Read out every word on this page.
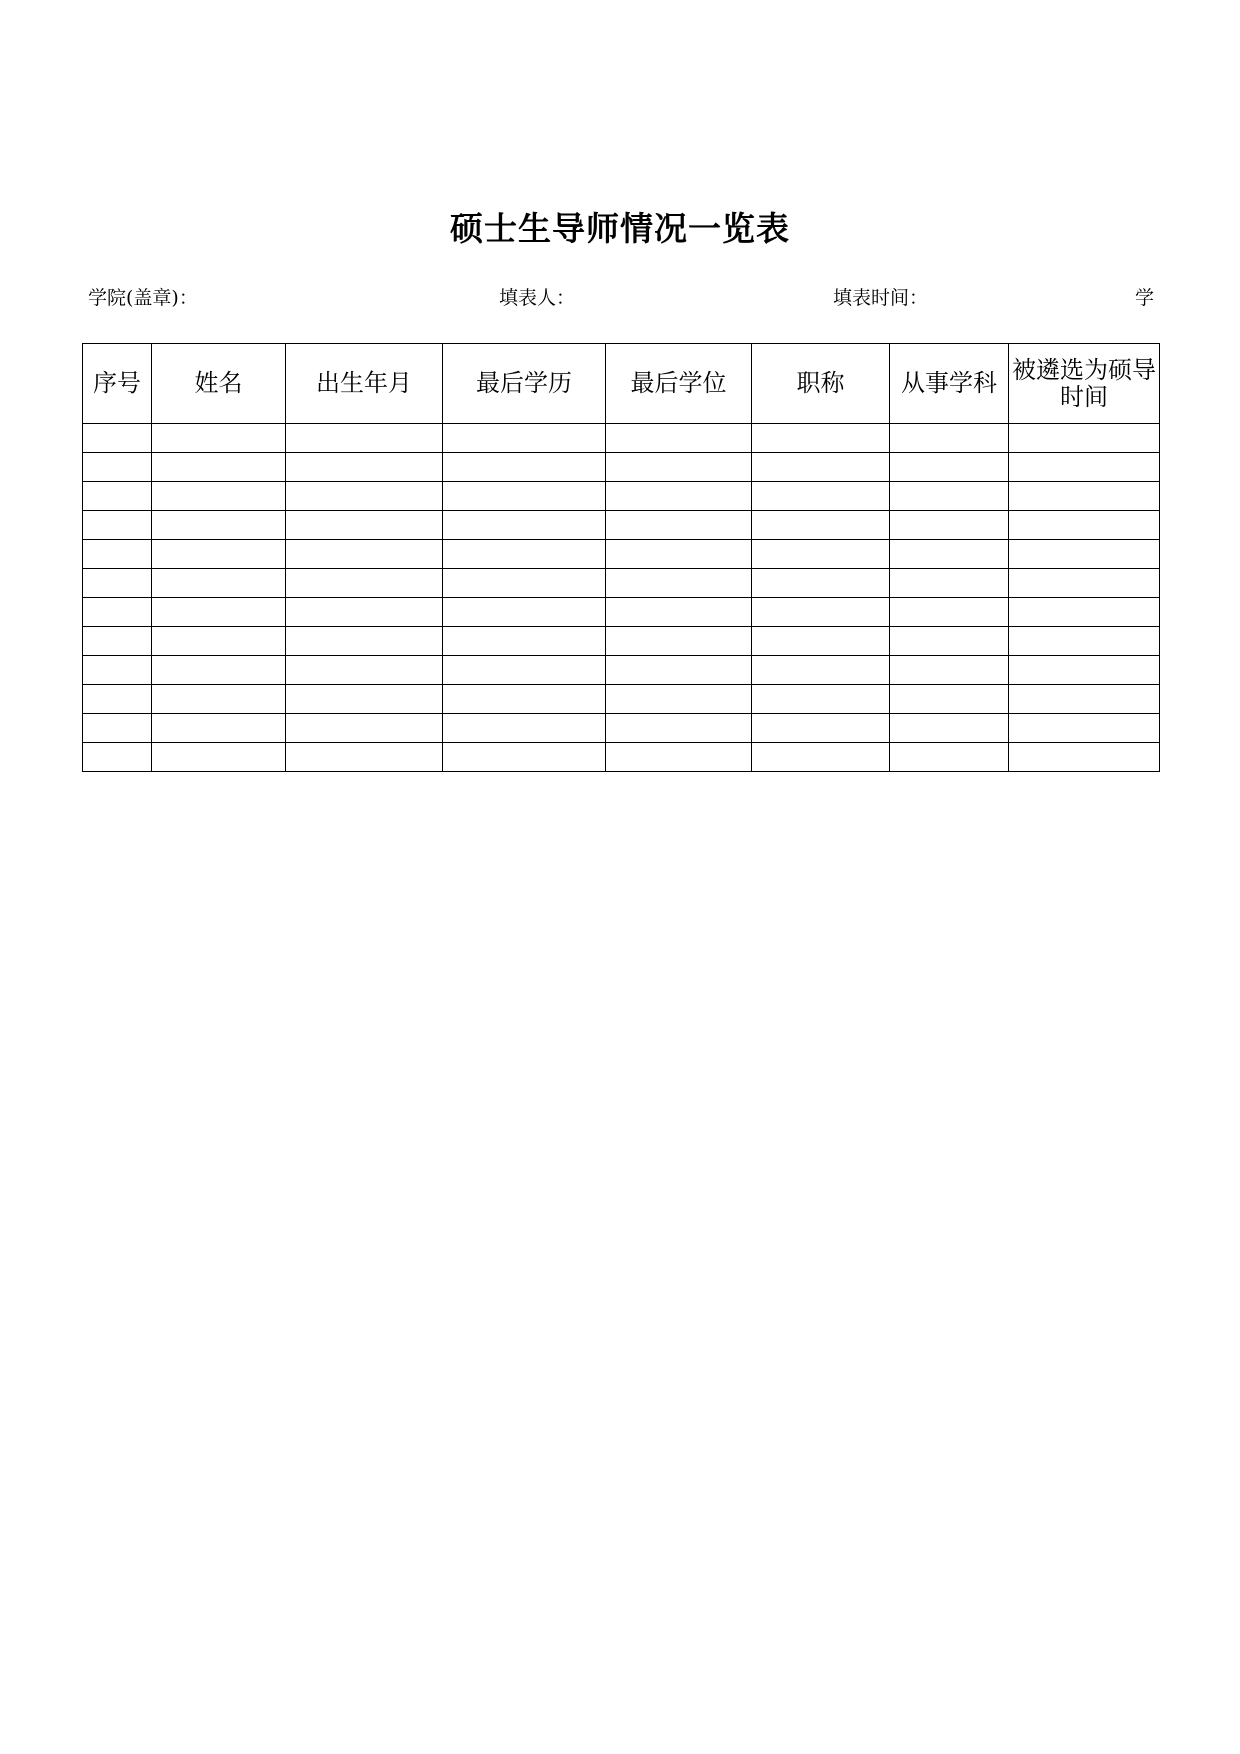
硕士生导师情况一览表
学院(盖章)：	填表人：	填表时间：	学
序号	姓名	出生年月	最后学历	最后学位	职称	从事学科	被遴选为硕导时间
